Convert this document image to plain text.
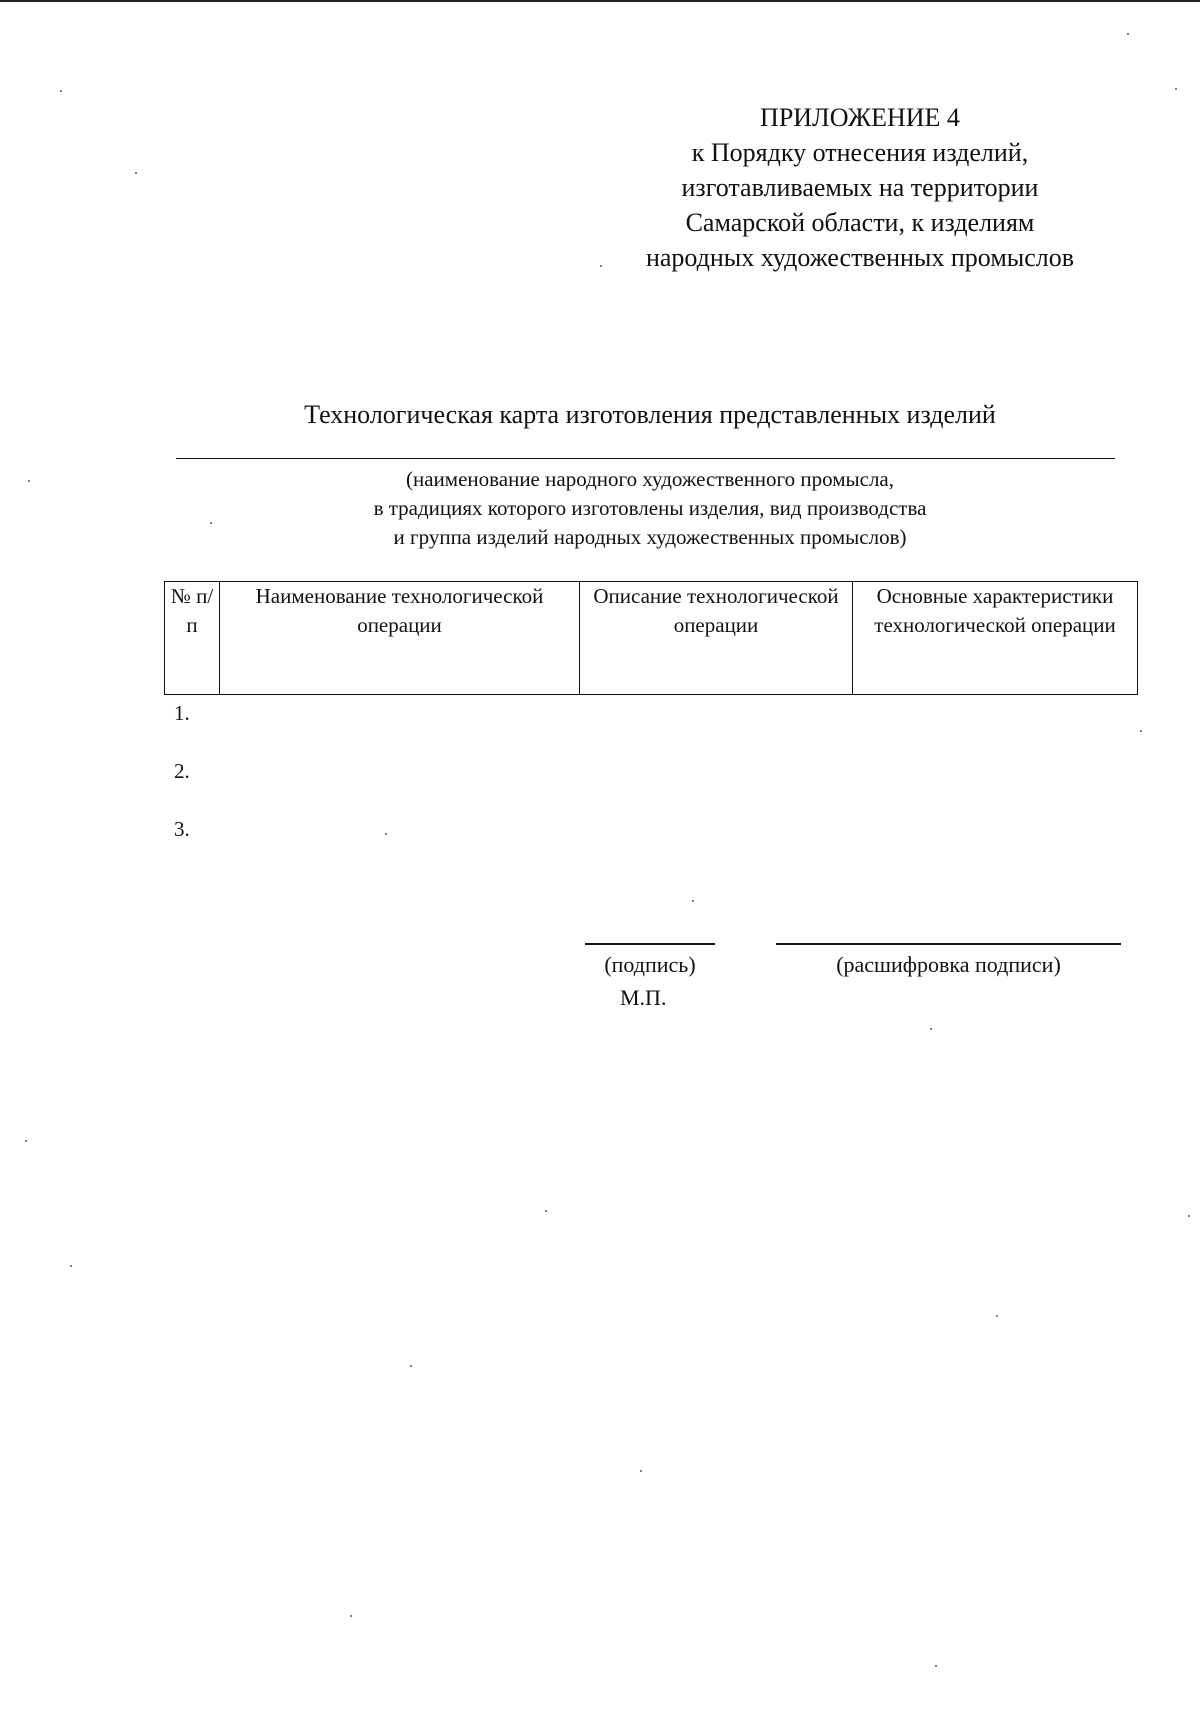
ПРИЛОЖЕНИЕ 4
к Порядку отнесения изделий,
изготавливаемых на территории
Самарской области, к изделиям
народных художественных промыслов
Технологическая карта изготовления представленных изделий
(наименование народного художественного промысла,
в традициях которого изготовлены изделия, вид производства
и группа изделий народных художественных промыслов)
№ п/п	Наименование технологической операции	Описание технологической операции	Основные характеристики технологической операции
1.
2.
3.
(подпись)	(расшифровка подписи)
М.П.
